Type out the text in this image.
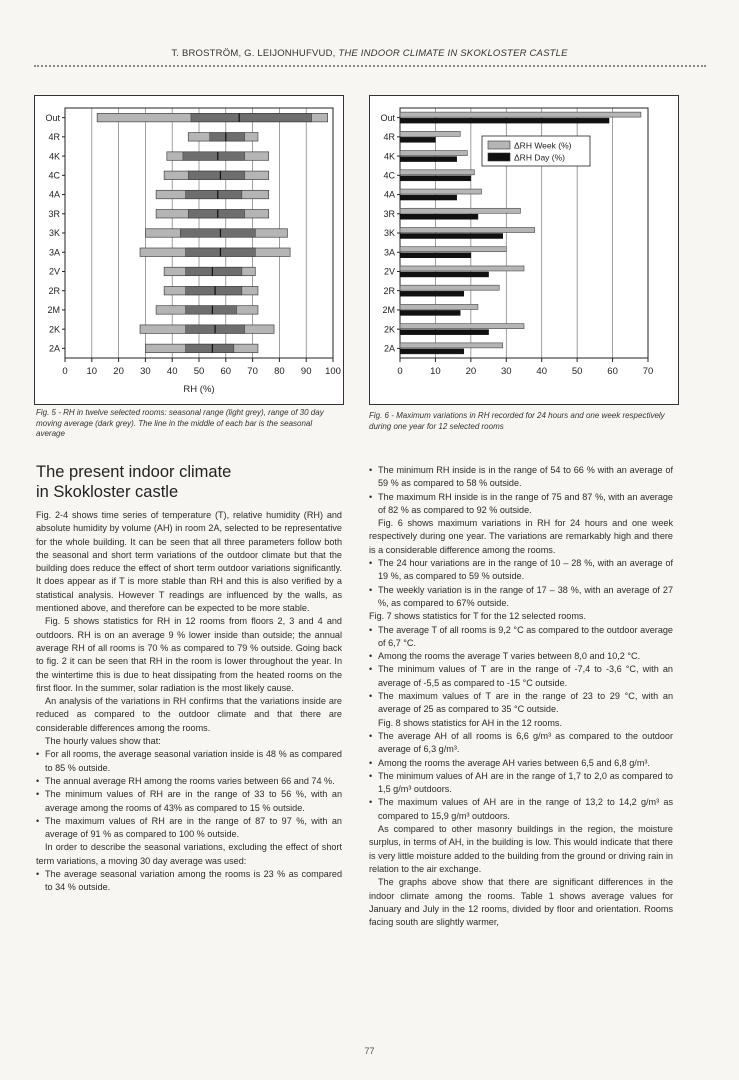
T. BROSTRÖM, G. LEIJONHUFVUD, THE INDOOR CLIMATE IN SKOKLOSTER CASTLE
0 10 20 30 40 50 60 70 80 90 100
Out
4R
4K
4C
4A
3R
3K
3A
2V
2R
2M
2K
2A
RH (%)
Fig. 5 - RH in twelve selected rooms: seasonal range (light grey), range of 30 day moving average (dark grey). The line in the middle of each bar is the seasonal average
0	10	20	30	40	50	60	70
Out
4R
4K
4C
4A
3R
3K
3A
2V
2R
2M
2K
2A
ΔRH Week (%)
ΔRH Day (%)
Fig. 6 - Maximum variations in RH recorded for 24 hours and one week respectively during one year for 12 selected rooms
The present indoor climate
in Skokloster castle

Fig. 2-4 shows time series of temperature (T), relative humidity (RH) and absolute humidity by volume (AH) in room 2A, selected to be representative for the whole building. It can be seen that all three parameters follow both the seasonal and short term variations of the outdoor climate but that the building does reduce the effect of short term outdoor variations significantly. It does appear as if T is more stable than RH and this is also verified by a statistical analysis. However T readings are influenced by the walls, as mentioned above, and therefore can be expected to be more stable.

Fig. 5 shows statistics for RH in 12 rooms from floors 2, 3 and 4 and outdoors. RH is on an average 9 % lower inside than outside; the annual average RH of all rooms is 70 % as compared to 79 % outside. Going back to fig. 2 it can be seen that RH in the room is lower throughout the year. In the wintertime this is due to heat dissipating from the heated rooms on the first floor. In the summer, solar radiation is the most likely cause.

An analysis of the variations in RH confirms that the variations inside are reduced as compared to the outdoor climate and that there are considerable differences among the rooms.

The hourly values show that:

• For all rooms, the average seasonal variation inside is 48 % as compared to 85 % outside.
• The annual average RH among the rooms varies between 66 and 74 %.
• The minimum values of RH are in the range of 33 to 56 %, with an average among the rooms of 43% as compared to 15 % outside.
• The maximum values of RH are in the range of 87 to 97 %, with an average of 91 % as compared to 100 % outside.

In order to describe the seasonal variations, excluding the effect of short term variations, a moving 30 day average was used:

• The average seasonal variation among the rooms is 23 % as compared to 34 % outside.
• The minimum RH inside is in the range of 54 to 66 % with an average of 59 % as compared to 58 % outside.
• The maximum RH inside is in the range of 75 and 87 %, with an average of 82 % as compared to 92 % outside.

Fig. 6 shows maximum variations in RH for 24 hours and one week respectively during one year. The variations are remarkably high and there is a considerable difference among the rooms.

• The 24 hour variations are in the range of 10 – 28 %, with an average of 19 %, as compared to 59 % outside.
• The weekly variation is in the range of 17 – 38 %, with an average of 27 %, as compared to 67% outside.

Fig. 7 shows statistics for T for the 12 selected rooms.

• The average T of all rooms is 9,2 °C as compared to the outdoor average of 6,7 °C.
• Among the rooms the average T varies between 8,0 and 10,2 °C.
• The minimum values of T are in the range of -7,4 to -3,6 °C, with an average of -5,5 as compared to -15 °C outside.
• The maximum values of T are in the range of 23 to 29 °C, with an average of 25 as compared to 35 °C outside.

Fig. 8 shows statistics for AH in the 12 rooms.

• The average AH of all rooms is 6,6 g/m³ as compared to the outdoor average of 6,3 g/m³.
• Among the rooms the average AH varies between 6,5 and 6,8 g/m³.
• The minimum values of AH are in the range of 1,7 to 2,0 as compared to 1,5 g/m³ outdoors.
• The maximum values of AH are in the range of 13,2 to 14,2 g/m³ as compared to 15,9 g/m³ outdoors.

As compared to other masonry buildings in the region, the moisture surplus, in terms of AH, in the building is low. This would indicate that there is very little moisture added to the building from the ground or driving rain in relation to the air exchange.

The graphs above show that there are significant differences in the indoor climate among the rooms. Table 1 shows average values for January and July in the 12 rooms, divided by floor and orientation. Rooms facing south are slightly warmer,

77
